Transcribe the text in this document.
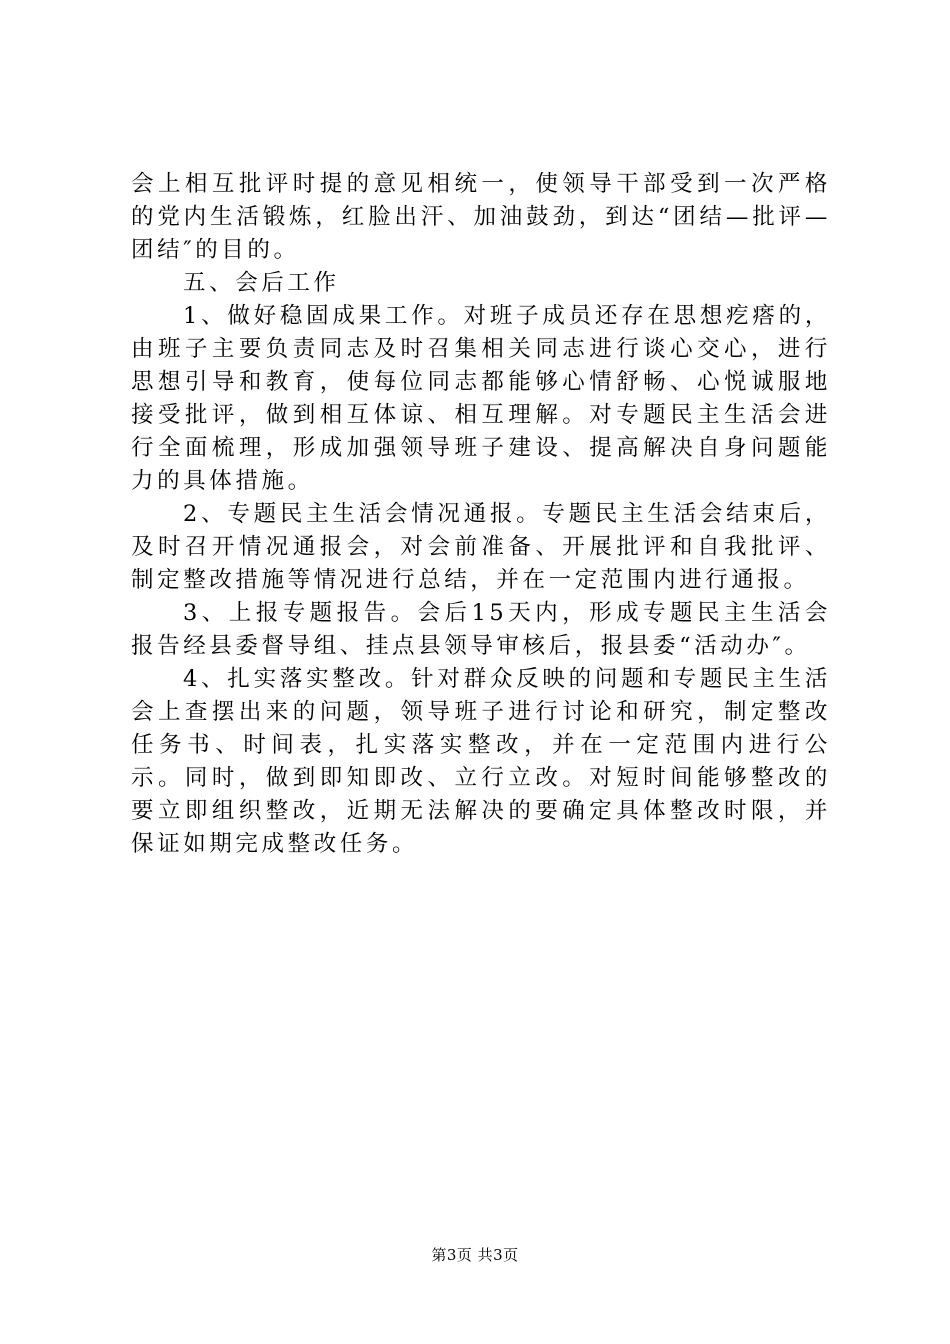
会上相互批评时提的意见相统一，使领导干部受到一次严格的党内生活锻炼，红脸出汗、加油鼓劲，到达“团结—批评—团结″的目的。

五、会后工作

1、做好稳固成果工作。对班子成员还存在思想疙瘩的，由班子主要负责同志及时召集相关同志进行谈心交心，进行思想引导和教育，使每位同志都能够心情舒畅、心悦诚服地接受批评，做到相互体谅、相互理解。对专题民主生活会进行全面梳理，形成加强领导班子建设、提高解决自身问题能力的具体措施。

2、专题民主生活会情况通报。专题民主生活会结束后，及时召开情况通报会，对会前准备、开展批评和自我批评、制定整改措施等情况进行总结，并在一定范围内进行通报。

3、上报专题报告。会后15天内，形成专题民主生活会报告经县委督导组、挂点县领导审核后，报县委“活动办″。

4、扎实落实整改。针对群众反映的问题和专题民主生活会上查摆出来的问题，领导班子进行讨论和研究，制定整改任务书、时间表，扎实落实整改，并在一定范围内进行公示。同时，做到即知即改、立行立改。对短时间能够整改的要立即组织整改，近期无法解决的要确定具体整改时限，并保证如期完成整改任务。

第3页 共3页
